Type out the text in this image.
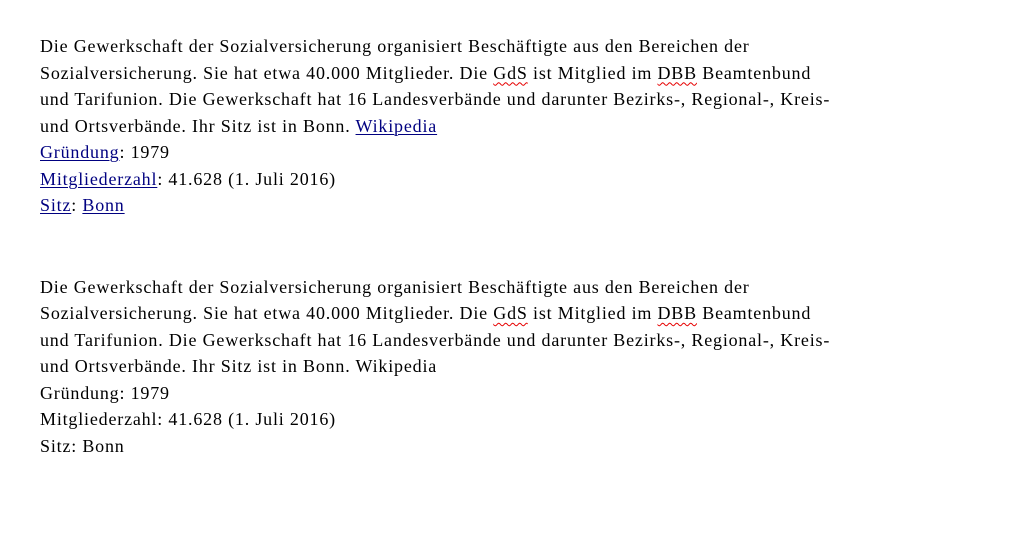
Die Gewerkschaft der Sozialversicherung organisiert Beschäftigte aus den Bereichen der
Sozialversicherung. Sie hat etwa 40.000 Mitglieder. Die GdS ist Mitglied im DBB Beamtenbund
und Tarifunion. Die Gewerkschaft hat 16 Landesverbände und darunter Bezirks-, Regional-, Kreis-
und Ortsverbände. Ihr Sitz ist in Bonn. Wikipedia
Gründung: 1979
Mitgliederzahl: 41.628 (1. Juli 2016)
Sitz: Bonn

Die Gewerkschaft der Sozialversicherung organisiert Beschäftigte aus den Bereichen der
Sozialversicherung. Sie hat etwa 40.000 Mitglieder. Die GdS ist Mitglied im DBB Beamtenbund
und Tarifunion. Die Gewerkschaft hat 16 Landesverbände und darunter Bezirks-, Regional-, Kreis-
und Ortsverbände. Ihr Sitz ist in Bonn. Wikipedia
Gründung: 1979
Mitgliederzahl: 41.628 (1. Juli 2016)
Sitz: Bonn
